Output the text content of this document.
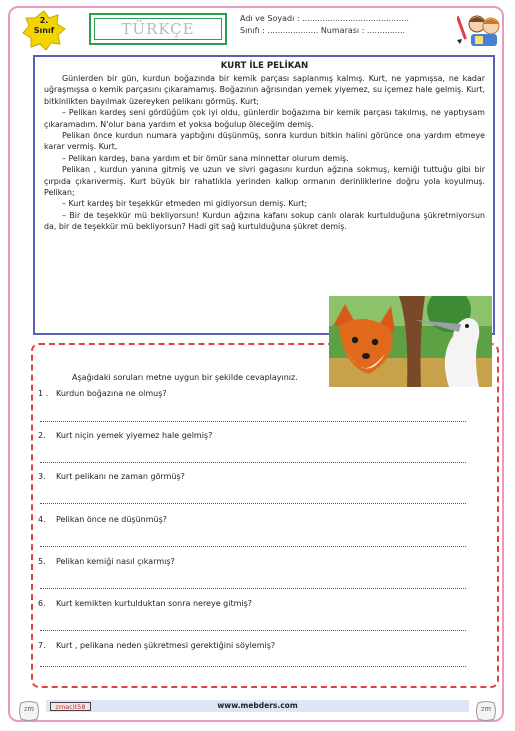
2.
Sınıf	TÜRKÇE
Adı ve Soyadı : ..........................................
Sınıfı : .................... Numarası : ...............
KURT İLE PELİKAN

Günlerden bir gün, kurdun boğazında bir kemik parçası saplanmış kalmış. Kurt, ne yapmışsa, ne kadar uğraşmışsa o kemik parçasını çıkaramamış. Boğazının ağrısından yemek yiyemez, su içemez hale gelmiş. Kurt, bitkinlikten bayılmak üzereyken pelikanı görmüş. Kurt;

– Pelikan kardeş seni gördüğüm çok iyi oldu, günlerdir boğazıma bir kemik parçası takılmış, ne yaptıysam çıkaramadım. N'olur bana yardım et yoksa boğulup öleceğim demiş.

Pelikan önce kurdun numara yaptığını düşünmüş, sonra kurdun bitkin halini görünce ona yardım etmeye karar vermiş. Kurt,

– Pelikan kardeş, bana yardım et bir ömür sana minnettar olurum demiş.

Pelikan , kurdun yanına gitmiş ve uzun ve sivri gagasını kurdun ağzına sokmuş, kemiği tuttuğu gibi bir çırpıda çıkarıvermiş. Kurt büyük bir rahatlıkla yerinden kalkıp ormanın derinliklerine doğru yola koyulmuş. Pelikan;

– Kurt kardeş bir teşekkür etmeden mi gidiyorsun demiş. Kurt;

– Bir de teşekkür mü bekliyorsun! Kurdun ağzına kafanı sokup canlı olarak kurtulduğuna şükretmiyorsun da, bir de teşekkür mü bekliyorsun? Hadi git sağ kurtulduğuna şükret demiş.

Aşağıdaki soruları metne uygun bir şekilde cevaplayınız.
1 . Kurdun boğazına ne olmuş?
2. Kurt niçin yemek yiyemez hale gelmiş?
3. Kurt pelikanı ne zaman görmüş?
4. Pelikan önce ne düşünmüş?
5. Pelikan kemiği nasıl çıkarmış?
6. Kurt kemikten kurtulduktan sonra nereye gitmiş?
7. Kurt , pelikana neden şükretmesi gerektiğini söylemiş?
zmacit58	www.mebders.com
zm	zm
